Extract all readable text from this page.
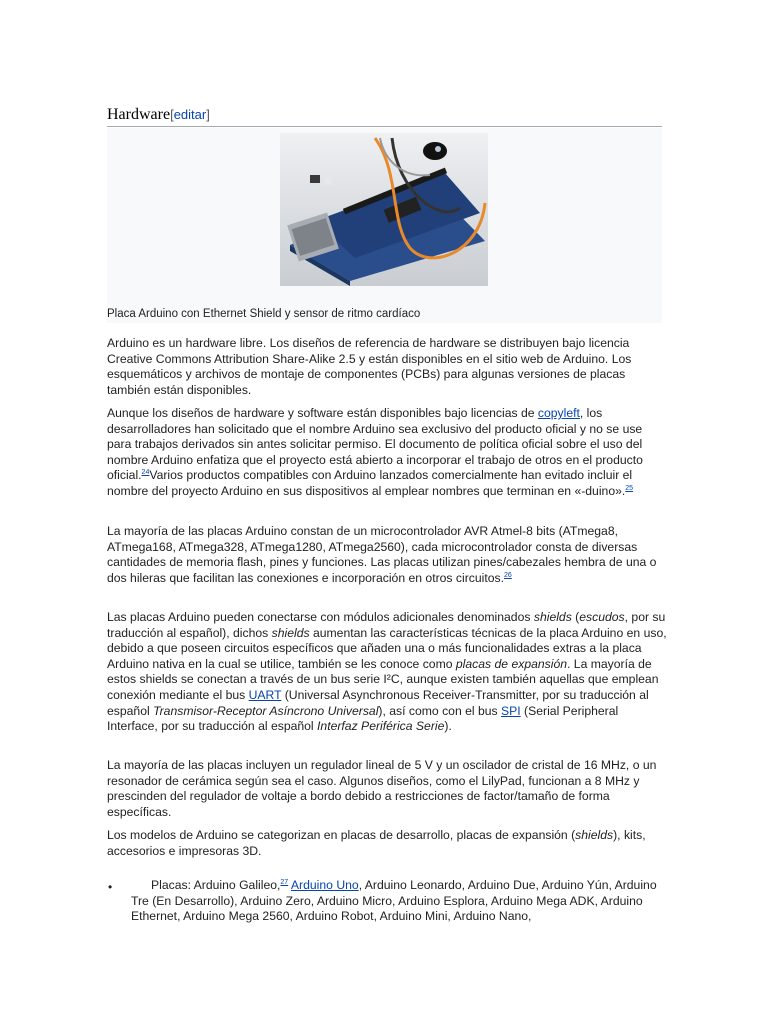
Hardware[editar]
Placa Arduino con Ethernet Shield y sensor de ritmo cardíaco

Arduino es un hardware libre. Los diseños de referencia de hardware se distribuyen bajo licencia Creative Commons Attribution Share-Alike 2.5 y están disponibles en el sitio web de Arduino. Los esquemáticos y archivos de montaje de componentes (PCBs) para algunas versiones de placas también están disponibles.

Aunque los diseños de hardware y software están disponibles bajo licencias de copyleft, los desarrolladores han solicitado que el nombre Arduino sea exclusivo del producto oficial y no se use para trabajos derivados sin antes solicitar permiso. El documento de política oficial sobre el uso del nombre Arduino enfatiza que el proyecto está abierto a incorporar el trabajo de otros en el producto oficial.$^{24}$Varios productos compatibles con Arduino lanzados comercialmente han evitado incluir el nombre del proyecto Arduino en sus dispositivos al emplear nombres que terminan en «-duino».$^{25}$

La mayoría de las placas Arduino constan de un microcontrolador AVR Atmel-8 bits (ATmega8, ATmega168, ATmega328, ATmega1280, ATmega2560), cada microcontrolador consta de diversas cantidades de memoria flash, pines y funciones. Las placas utilizan pines/cabezales hembra de una o dos hileras que facilitan las conexiones e incorporación en otros circuitos.$^{26}$

Las placas Arduino pueden conectarse con módulos adicionales denominados shields (escudos, por su traducción al español), dichos shields aumentan las características técnicas de la placa Arduino en uso, debido a que poseen circuitos específicos que añaden una o más funcionalidades extras a la placa Arduino nativa en la cual se utilice, también se les conoce como placas de expansión. La mayoría de estos shields se conectan a través de un bus serie I²C, aunque existen también aquellas que emplean conexión mediante el bus UART (Universal Asynchronous Receiver-Transmitter, por su traducción al español Transmisor-Receptor Asíncrono Universal), así como con el bus SPI (Serial Peripheral Interface, por su traducción al español Interfaz Periférica Serie).

La mayoría de las placas incluyen un regulador lineal de 5 V y un oscilador de cristal de 16 MHz, o un resonador de cerámica según sea el caso. Algunos diseños, como el LilyPad, funcionan a 8 MHz y prescinden del regulador de voltaje a bordo debido a restricciones de factor/tamaño de forma específicas.

Los modelos de Arduino se categorizan en placas de desarrollo, placas de expansión (shields), kits, accesorios e impresoras 3D.

•	Placas: Arduino Galileo,$^{27}$ Arduino Uno, Arduino Leonardo, Arduino Due, Arduino Yún, Arduino Tre (En Desarrollo), Arduino Zero, Arduino Micro, Arduino Esplora, Arduino Mega ADK, Arduino Ethernet, Arduino Mega 2560, Arduino Robot, Arduino Mini, Arduino Nano,
